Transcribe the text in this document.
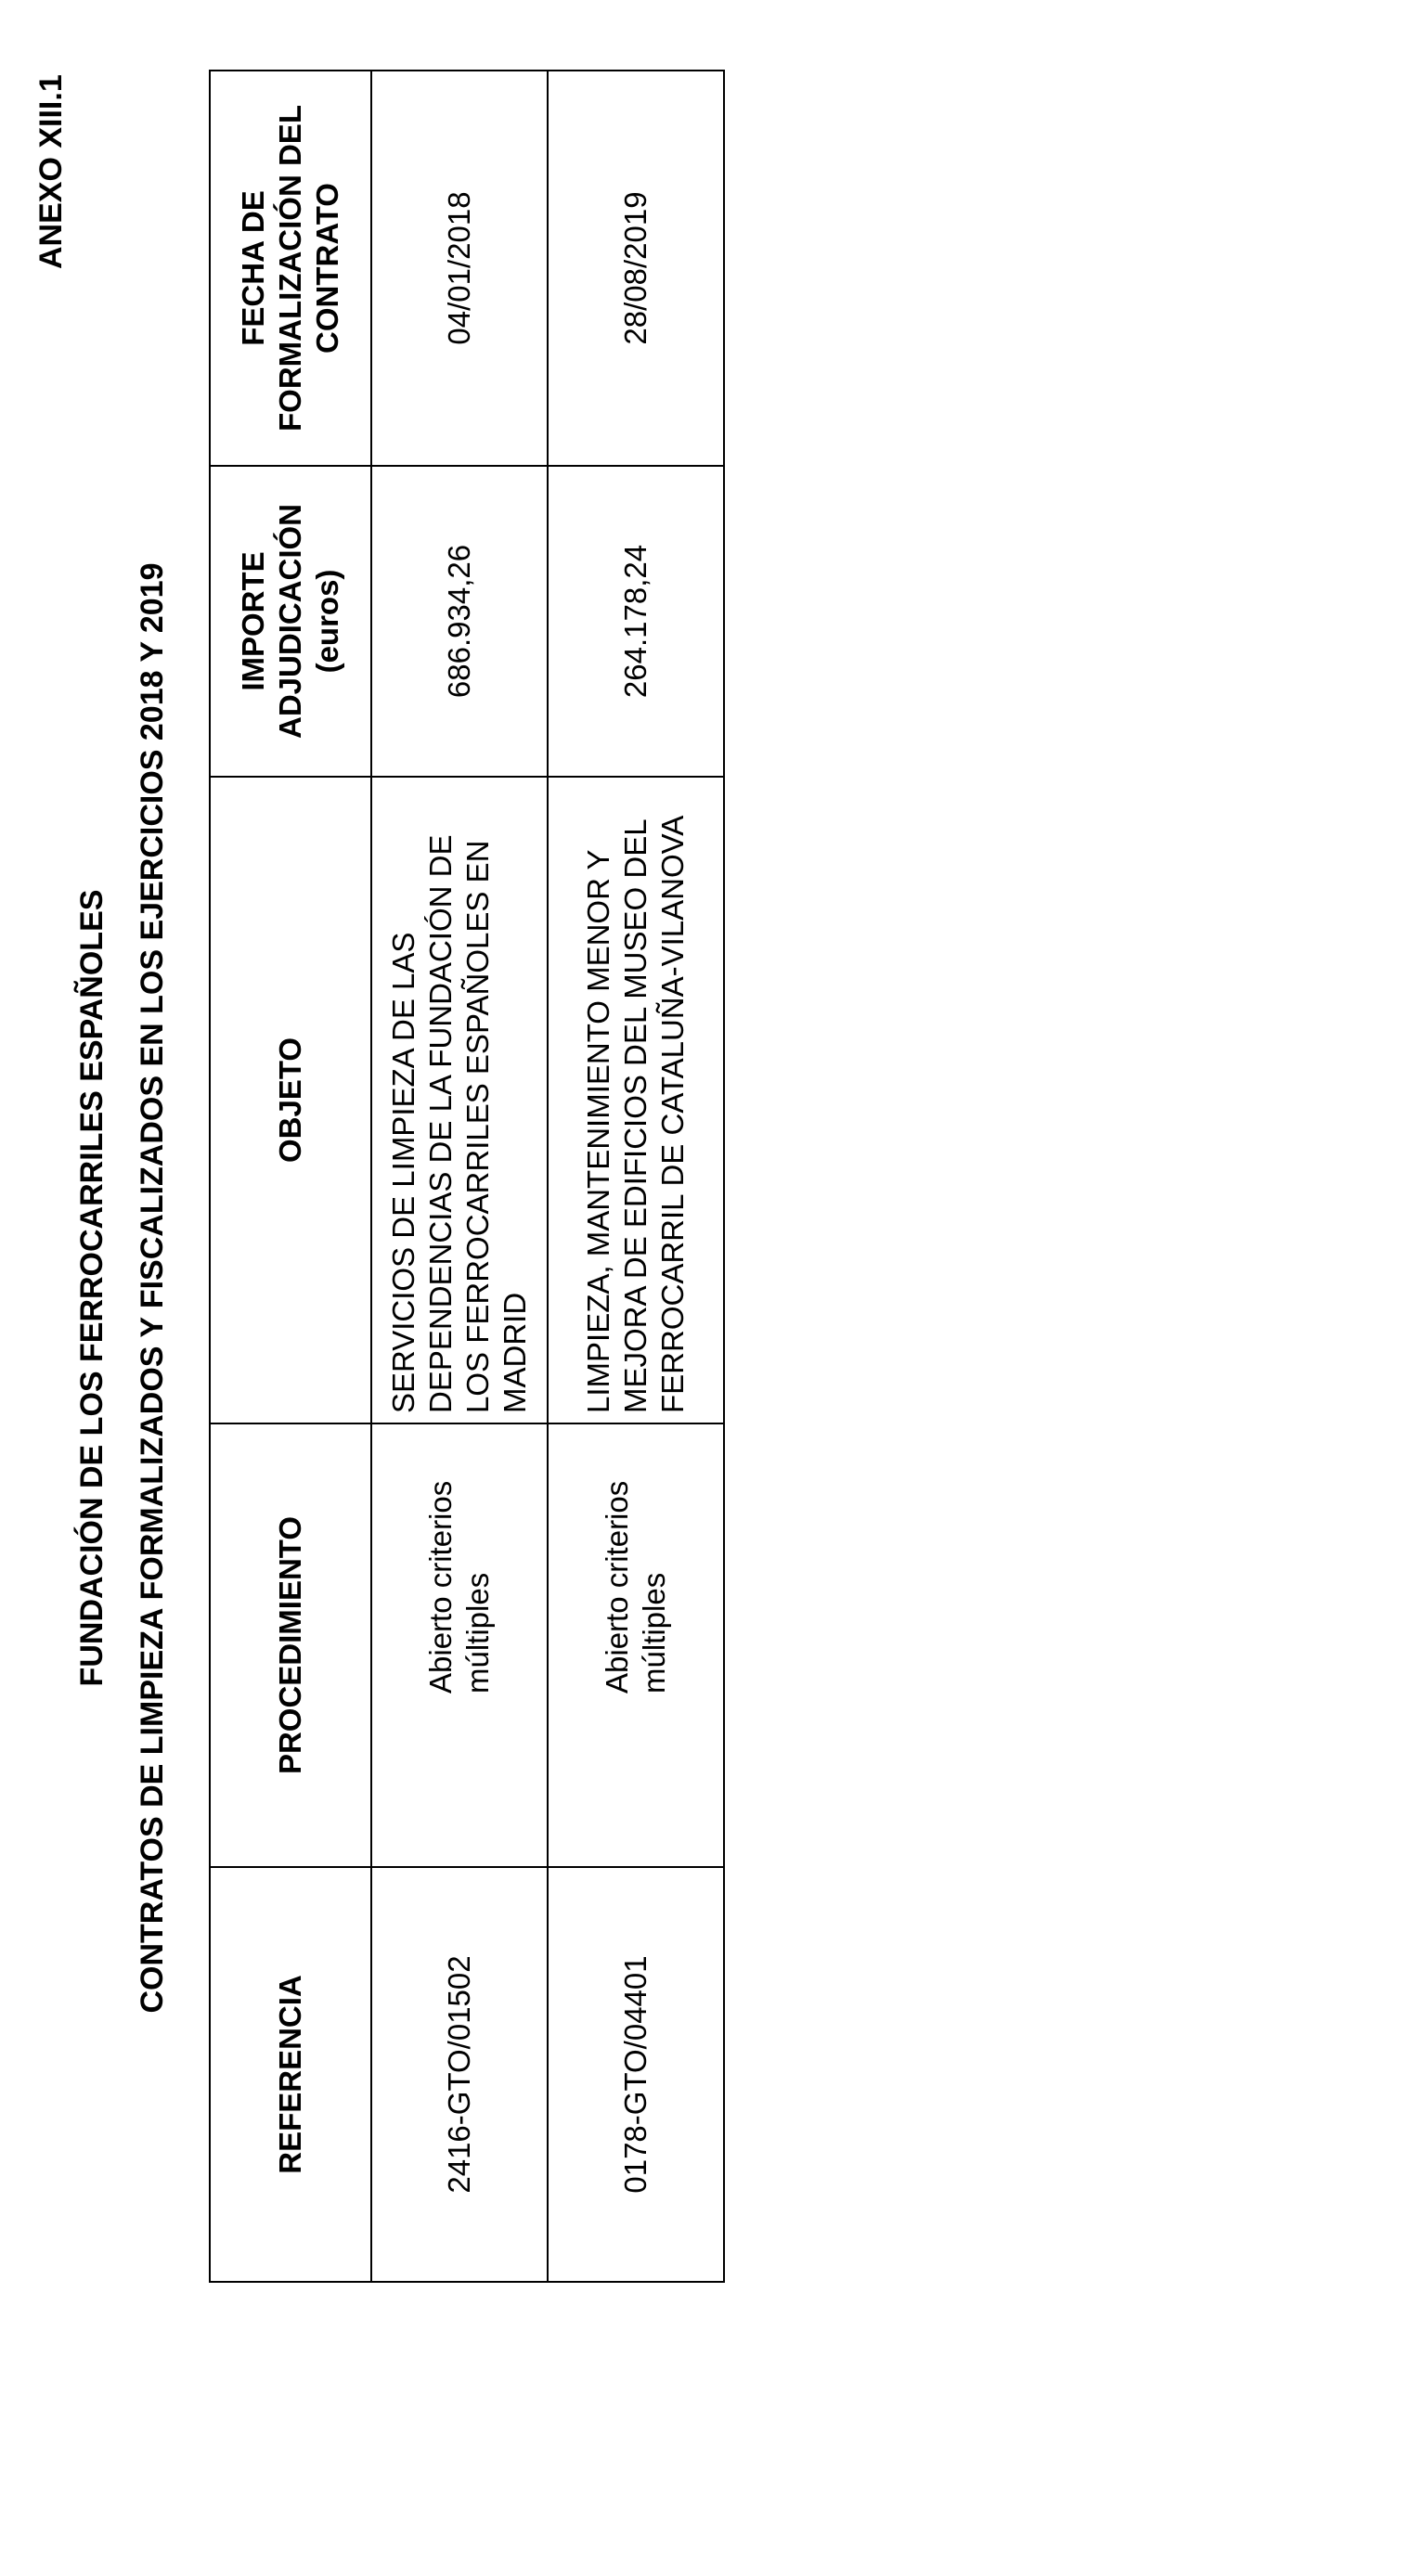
ANEXO XIII.1
FUNDACIÓN DE LOS FERROCARRILES ESPAÑOLES CONTRATOS DE LIMPIEZA FORMALIZADOS Y FISCALIZADOS EN LOS EJERCICIOS 2018 Y 2019
REFERENCIA	PROCEDIMIENTO	OBJETO	IMPORTE ADJUDICACIÓN (euros)	FECHA DE FORMALIZACIÓN DEL CONTRATO
2416-GTO/01502	Abierto criterios múltiples	SERVICIOS DE LIMPIEZA DE LAS DEPENDENCIAS DE LA FUNDACIÓN DE LOS FERROCARRILES ESPAÑOLES EN MADRID	686.934,26	04/01/2018
0178-GTO/04401	Abierto criterios múltiples	LIMPIEZA, MANTENIMIENTO MENOR Y MEJORA DE EDIFICIOS DEL MUSEO DEL FERROCARRIL DE CATALUÑA-VILANOVA	264.178,24	28/08/2019
